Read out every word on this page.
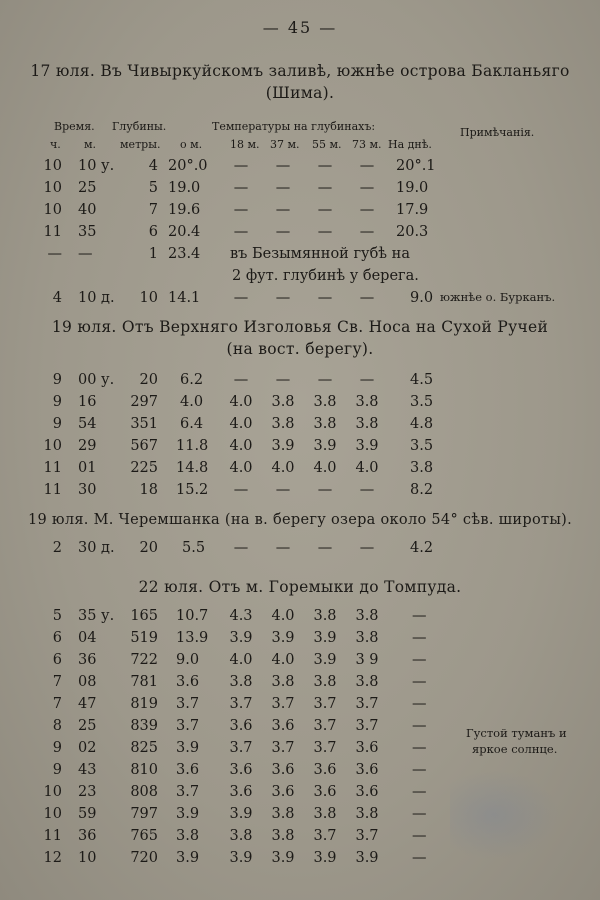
— 45 —
17 юля. Въ Чивыркуйскомъ заливѣ, южнѣе острова Бакланьяго
(Шима).
Время. Глубины.	Температуры на глубинахъ:	Примѣчанія.
ч. м. метры. о м.	18 м. 37 м. 55 м. 73 м. На днѣ.
10 10 у.	4 20°.0	—	—	—	—	20°.1
10 25	5 19.0	—	—	—	—	19.0
10 40	7 19.6	—	—	—	—	17.9
11 35	6 20.4	—	—	—	—	20.3
— —	1 23.4 въ Безымянной губѣ на
2 фут. глубинѣ у берега.
4 10 д.	10 14.1	—	—	—	—	9.0 южнѣе о. Бурканъ.
19 юля. Отъ Верхняго Изголовья Св. Носа на Сухой Ручей
(на вост. берегу).
9 00 у.	20 6.2	—	—	—	—	4.5
9 16	297 4.0 4.0 3.8 3.8 3.8 3.5
9 54	351 6.4 4.0 3.8 3.8 3.8 4.8
10 29	567 11.8 4.0 3.9 3.9 3.9 3.5
11 01	225 14.8 4.0 4.0 4.0 4.0 3.8
11 30	18 15.2	—	—	—	—	8.2
19 юля. М. Черемшанка (на в. берегу озера около 54° сѣв. широты).
2 30 д.	20 5.5	—	—	—	—	4.2
22 юля. Отъ м. Горемыки до Томпуда.
Густой туманъ и
яркое солнце.
5 35 у.	165 10.7 4.3 4.0 3.8 3.8 —
6 04	519 13.9 3.9 3.9 3.9 3.8 —
6 36	722 9.0 4.0 4.0 3.9 3 9 —
7 08	781 3.6 3.8 3.8 3.8 3.8 —
7 47	819 3.7 3.7 3.7 3.7 3.7 —
8 25	839 3.7 3.6 3.6 3.7 3.7 —
9 02	825 3.9 3.7 3.7 3.7 3.6 —
9 43	810 3.6 3.6 3.6 3.6 3.6 —
10 23	808 3.7 3.6 3.6 3.6 3.6 —
10 59	797 3.9 3.9 3.8 3.8 3.8 —
11 36	765 3.8 3.8 3.8 3.7 3.7 —
12 10	720 3.9 3.9 3.9 3.9 3.9 —
